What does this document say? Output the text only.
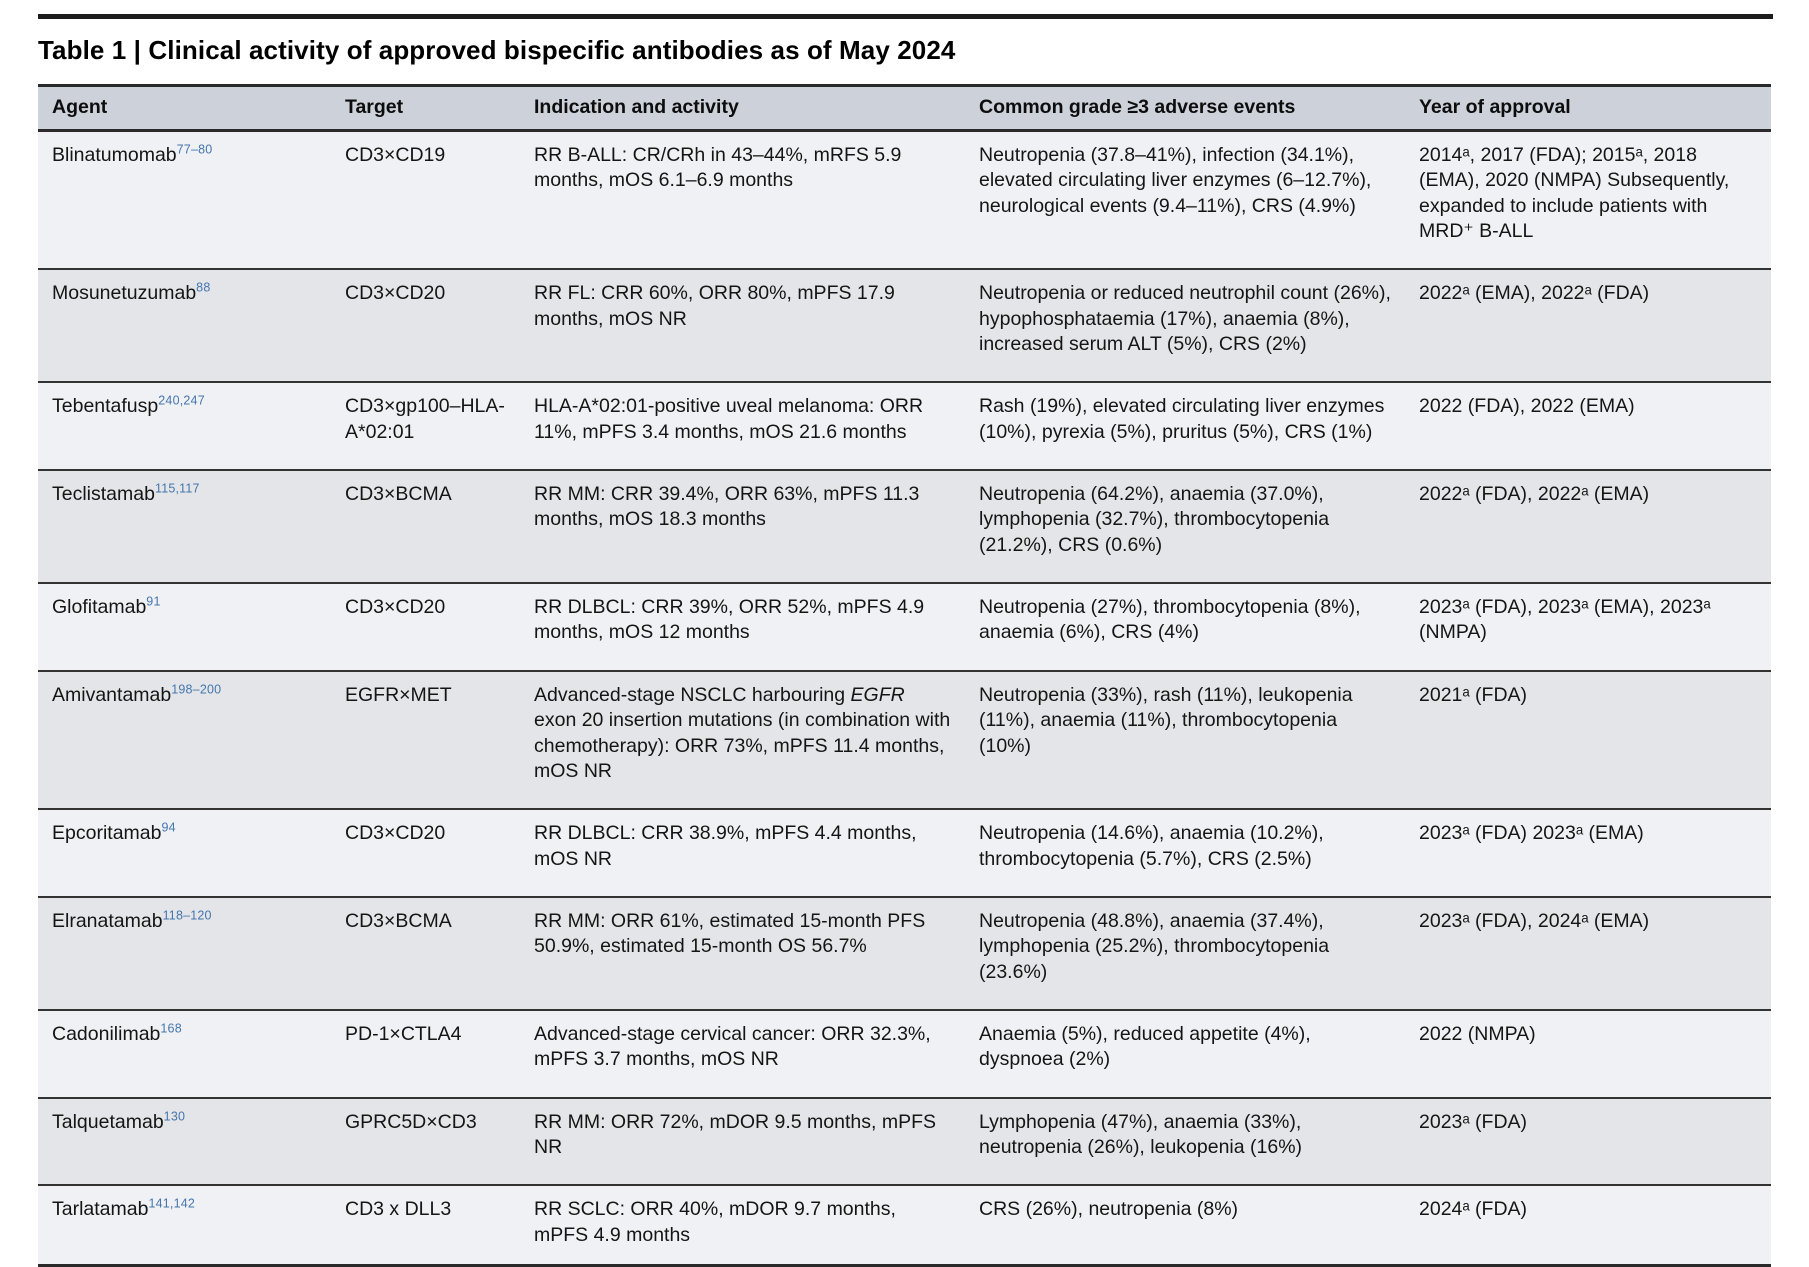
Table 1 | Clinical activity of approved bispecific antibodies as of May 2024
Agent	Target	Indication and activity	Common grade ≥3 adverse events	Year of approval
Blinatumomab$^{77-80}$	CD3×CD19	RR B-ALL: CR/CRh in 43–44%, mRFS 5.9 months, mOS 6.1–6.9 months	Neutropenia (37.8–41%), infection (34.1%), elevated circulating liver enzymes (6–12.7%), neurological events (9.4–11%), CRS (4.9%)	2014ᵃ, 2017 (FDA); 2015ᵃ, 2018 (EMA), 2020 (NMPA) Subsequently, expanded to include patients with MRD⁺ B-ALL
Mosunetuzumab$^{88}$	CD3×CD20	RR FL: CRR 60%, ORR 80%, mPFS 17.9 months, mOS NR	Neutropenia or reduced neutrophil count (26%), hypophosphataemia (17%), anaemia (8%), increased serum ALT (5%), CRS (2%)	2022ᵃ (EMA), 2022ᵃ (FDA)
Tebentafusp$^{240,247}$	CD3×gp100–HLA-A*02:01	HLA-A*02:01-positive uveal melanoma: ORR 11%, mPFS 3.4 months, mOS 21.6 months	Rash (19%), elevated circulating liver enzymes (10%), pyrexia (5%), pruritus (5%), CRS (1%)	2022 (FDA), 2022 (EMA)
Teclistamab$^{115,117}$	CD3×BCMA	RR MM: CRR 39.4%, ORR 63%, mPFS 11.3 months, mOS 18.3 months	Neutropenia (64.2%), anaemia (37.0%), lymphopenia (32.7%), thrombocytopenia (21.2%), CRS (0.6%)	2022ᵃ (FDA), 2022ᵃ (EMA)
Glofitamab$^{91}$	CD3×CD20	RR DLBCL: CRR 39%, ORR 52%, mPFS 4.9 months, mOS 12 months	Neutropenia (27%), thrombocytopenia (8%), anaemia (6%), CRS (4%)	2023ᵃ (FDA), 2023ᵃ (EMA), 2023ᵃ (NMPA)
Amivantamab$^{198-200}$	EGFR×MET	Advanced-stage NSCLC harbouring EGFR exon 20 insertion mutations (in combination with chemotherapy): ORR 73%, mPFS 11.4 months, mOS NR	Neutropenia (33%), rash (11%), leukopenia (11%), anaemia (11%), thrombocytopenia (10%)	2021ᵃ (FDA)
Epcoritamab$^{94}$	CD3×CD20	RR DLBCL: CRR 38.9%, mPFS 4.4 months, mOS NR	Neutropenia (14.6%), anaemia (10.2%), thrombocytopenia (5.7%), CRS (2.5%)	2023ᵃ (FDA) 2023ᵃ (EMA)
Elranatamab$^{118-120}$	CD3×BCMA	RR MM: ORR 61%, estimated 15-month PFS 50.9%, estimated 15-month OS 56.7%	Neutropenia (48.8%), anaemia (37.4%), lymphopenia (25.2%), thrombocytopenia (23.6%)	2023ᵃ (FDA), 2024ᵃ (EMA)
Cadonilimab$^{168}$	PD-1×CTLA4	Advanced-stage cervical cancer: ORR 32.3%, mPFS 3.7 months, mOS NR	Anaemia (5%), reduced appetite (4%), dyspnoea (2%)	2022 (NMPA)
Talquetamab$^{130}$	GPRC5D×CD3	RR MM: ORR 72%, mDOR 9.5 months, mPFS NR	Lymphopenia (47%), anaemia (33%), neutropenia (26%), leukopenia (16%)	2023ᵃ (FDA)
Tarlatamab$^{141,142}$	CD3 x DLL3	RR SCLC: ORR 40%, mDOR 9.7 months, mPFS 4.9 months	CRS (26%), neutropenia (8%)	2024ᵃ (FDA)
